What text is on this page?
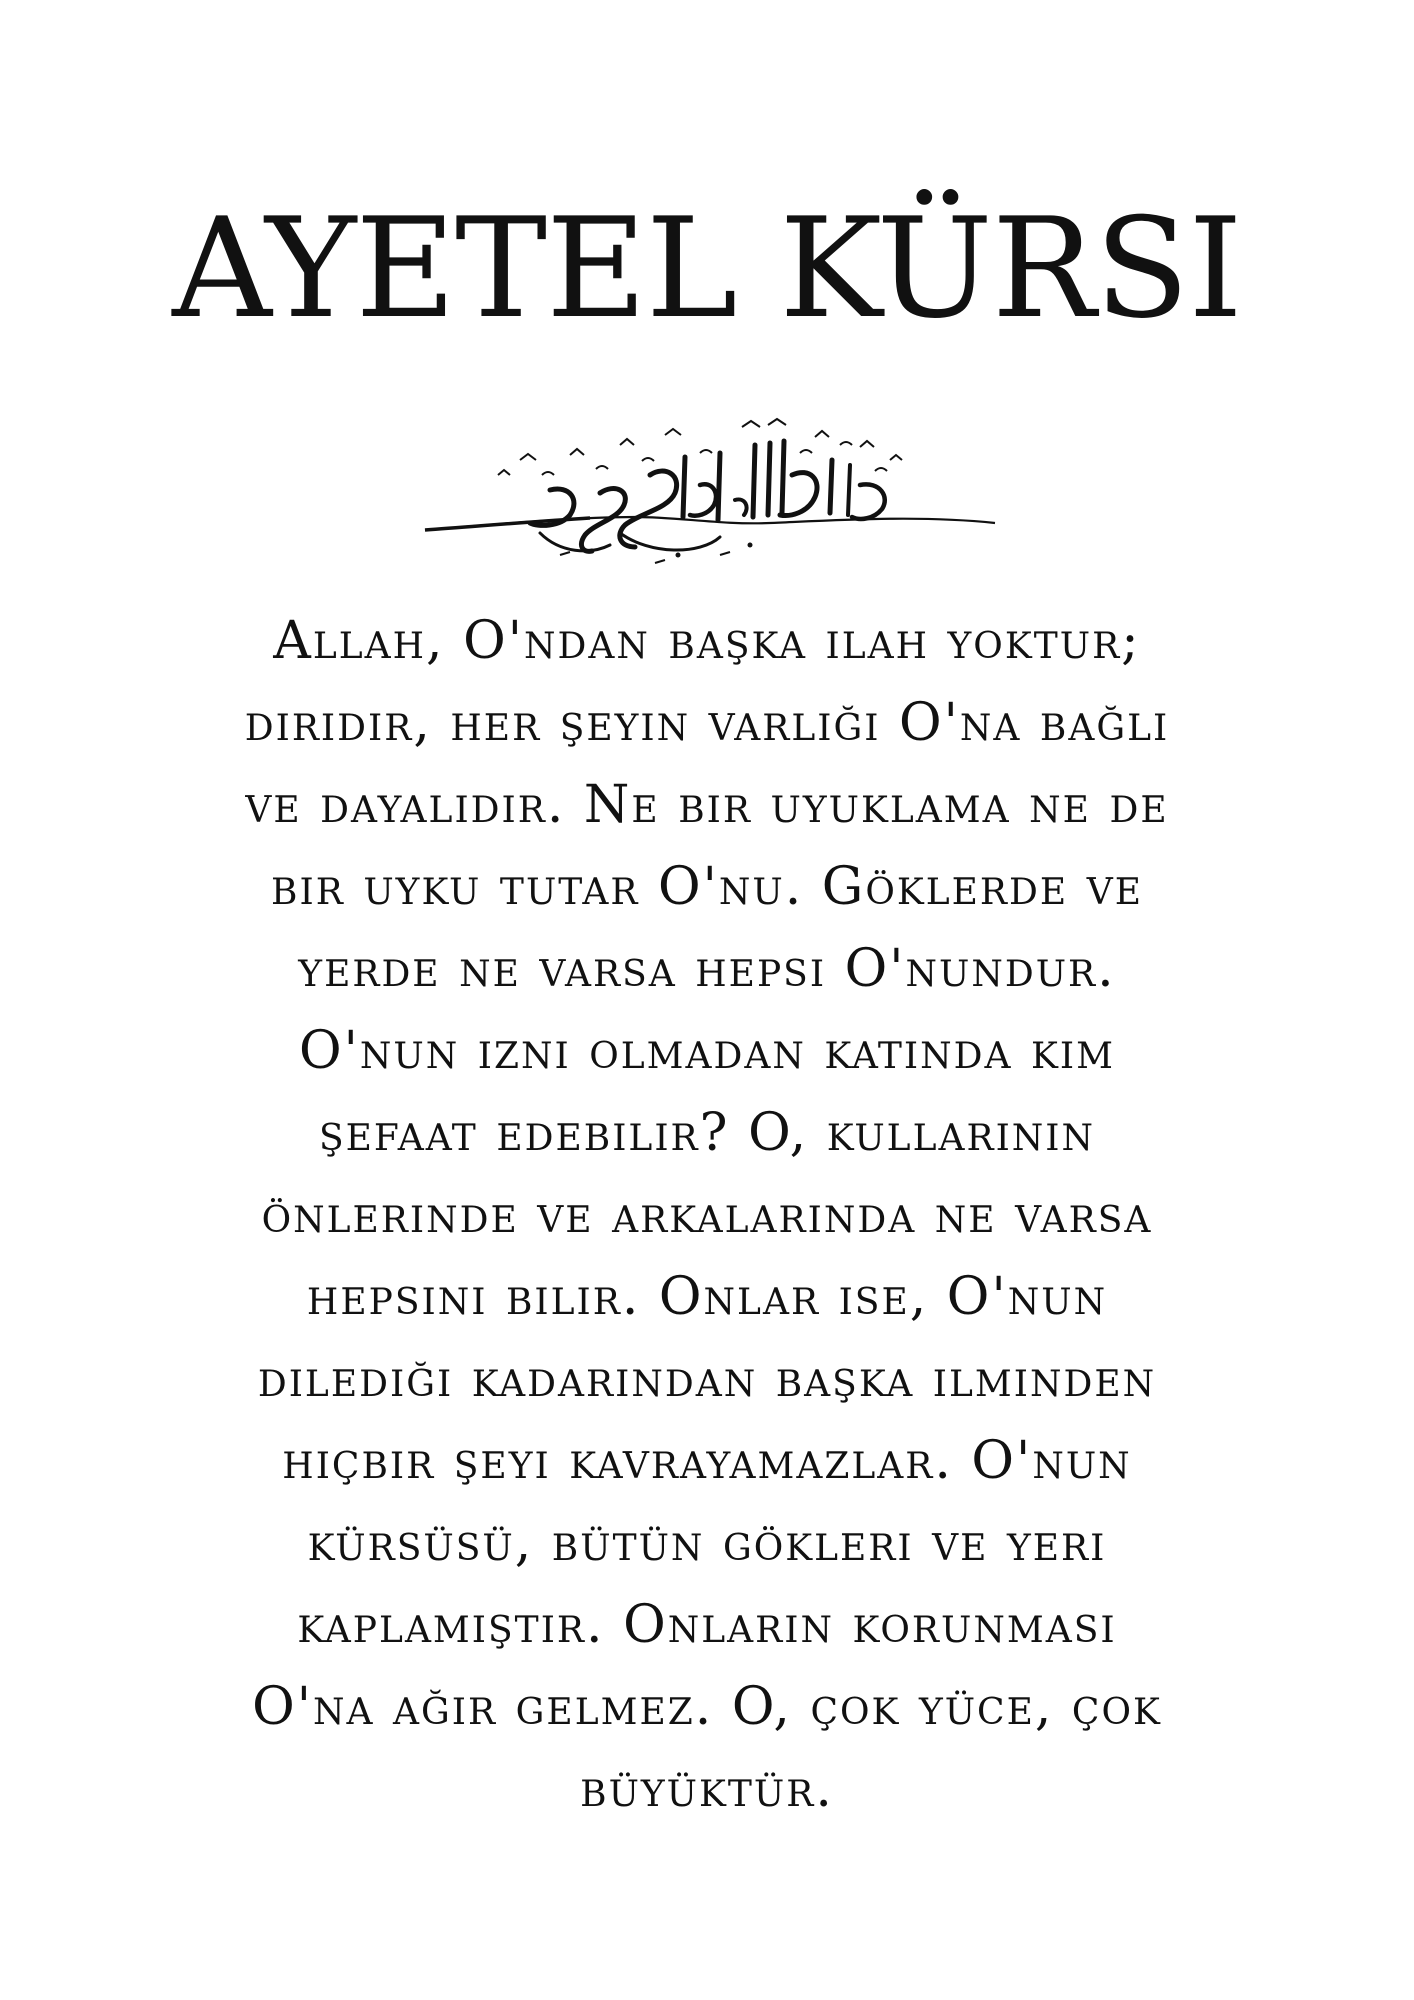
AYETEL KÜRSI

Allah, O'ndan başka ilah yoktur;
diridir, her şeyin varlığı O'na bağlı
ve dayalıdır. Ne bir uyuklama ne de
bir uyku tutar O'nu. Göklerde ve
yerde ne varsa hepsi O'nundur.
O'nun izni olmadan katında kim
şefaat edebilir? O, kullarının
önlerinde ve arkalarında ne varsa
hepsini bilir. Onlar ise, O'nun
dilediği kadarından başka ilminden
hiçbir şeyi kavrayamazlar. O'nun
kürsüsü, bütün gökleri ve yeri
kaplamıştır. Onların korunması
O'na ağır gelmez. O, çok yüce, çok
büyüktür.
